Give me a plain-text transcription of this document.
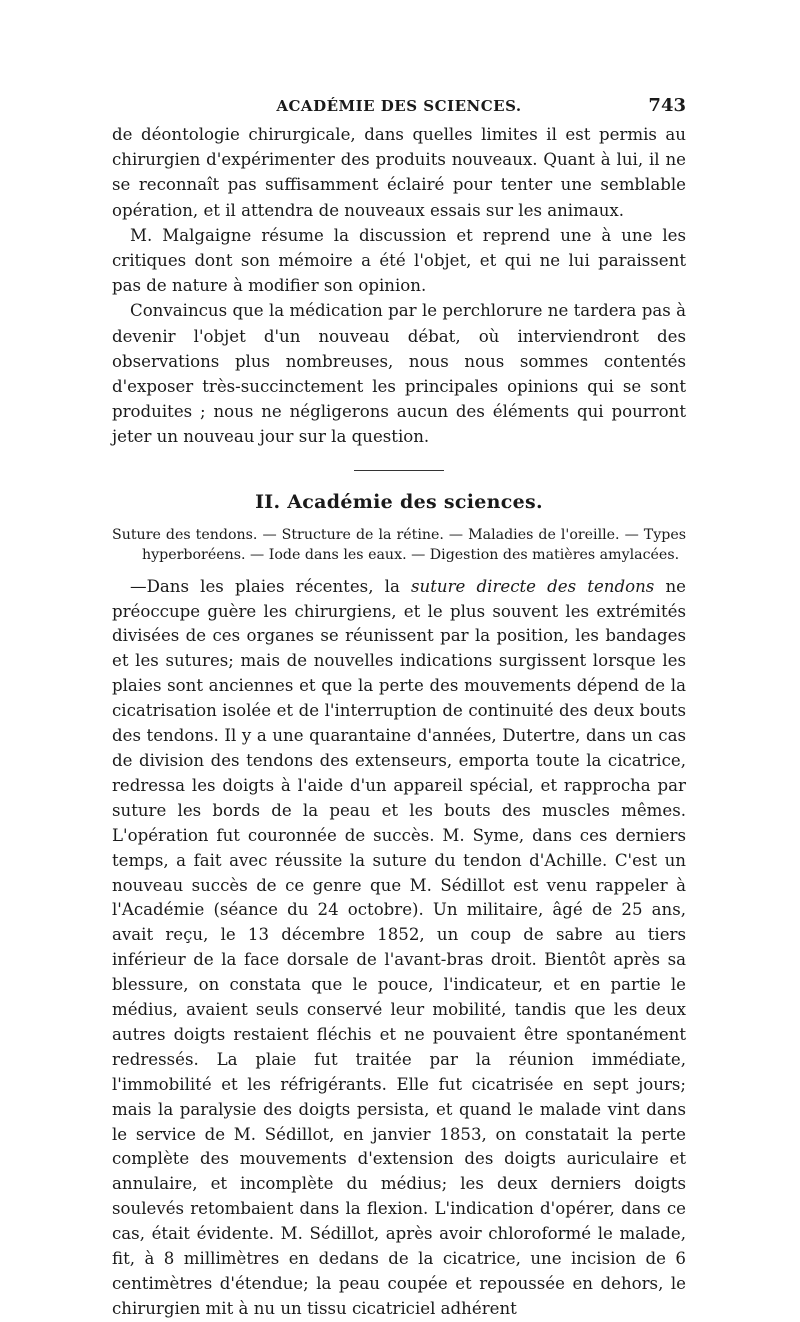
ACADÉMIE DES SCIENCES.	743

de déontologie chirurgicale, dans quelles limites il est permis au chirurgien d'expérimenter des produits nouveaux. Quant à lui, il ne se reconnaît pas suffisamment éclairé pour tenter une semblable opération, et il attendra de nouveaux essais sur les animaux.

M. Malgaigne résume la discussion et reprend une à une les critiques dont son mémoire a été l'objet, et qui ne lui paraissent pas de nature à modifier son opinion.

Convaincus que la médication par le perchlorure ne tardera pas à devenir l'objet d'un nouveau débat, où interviendront des observations plus nombreuses, nous nous sommes contentés d'exposer très-succinctement les principales opinions qui se sont produites ; nous ne négligerons aucun des éléments qui pourront jeter un nouveau jour sur la question.

II. Académie des sciences.
Suture des tendons. — Structure de la rétine. — Maladies de l'oreille. — Types
hyperboréens. — Iode dans les eaux. — Digestion des matières amylacées.

—Dans les plaies récentes, la suture directe des tendons ne préoccupe guère les chirurgiens, et le plus souvent les extrémités divisées de ces organes se réunissent par la position, les bandages et les sutures; mais de nouvelles indications surgissent lorsque les plaies sont anciennes et que la perte des mouvements dépend de la cicatrisation isolée et de l'interruption de continuité des deux bouts des tendons. Il y a une quarantaine d'années, Dutertre, dans un cas de division des tendons des extenseurs, emporta toute la cicatrice, redressa les doigts à l'aide d'un appareil spécial, et rapprocha par suture les bords de la peau et les bouts des muscles mêmes. L'opération fut couronnée de succès. M. Syme, dans ces derniers temps, a fait avec réussite la suture du tendon d'Achille. C'est un nouveau succès de ce genre que M. Sédillot est venu rappeler à l'Académie (séance du 24 octobre). Un militaire, âgé de 25 ans, avait reçu, le 13 décembre 1852, un coup de sabre au tiers inférieur de la face dorsale de l'avant-bras droit. Bientôt après sa blessure, on constata que le pouce, l'indicateur, et en partie le médius, avaient seuls conservé leur mobilité, tandis que les deux autres doigts restaient fléchis et ne pouvaient être spontanément redressés. La plaie fut traitée par la réunion immédiate, l'immobilité et les réfrigérants. Elle fut cicatrisée en sept jours; mais la paralysie des doigts persista, et quand le malade vint dans le service de M. Sédillot, en janvier 1853, on constatait la perte complète des mouvements d'extension des doigts auriculaire et annulaire, et incomplète du médius; les deux derniers doigts soulevés retombaient dans la flexion. L'indication d'opérer, dans ce cas, était évidente. M. Sédillot, après avoir chloroformé le malade, fit, à 8 millimètres en dedans de la cicatrice, une incision de 6 centimètres d'étendue; la peau coupée et repoussée en dehors, le chirurgien mit à nu un tissu cicatriciel adhérent
